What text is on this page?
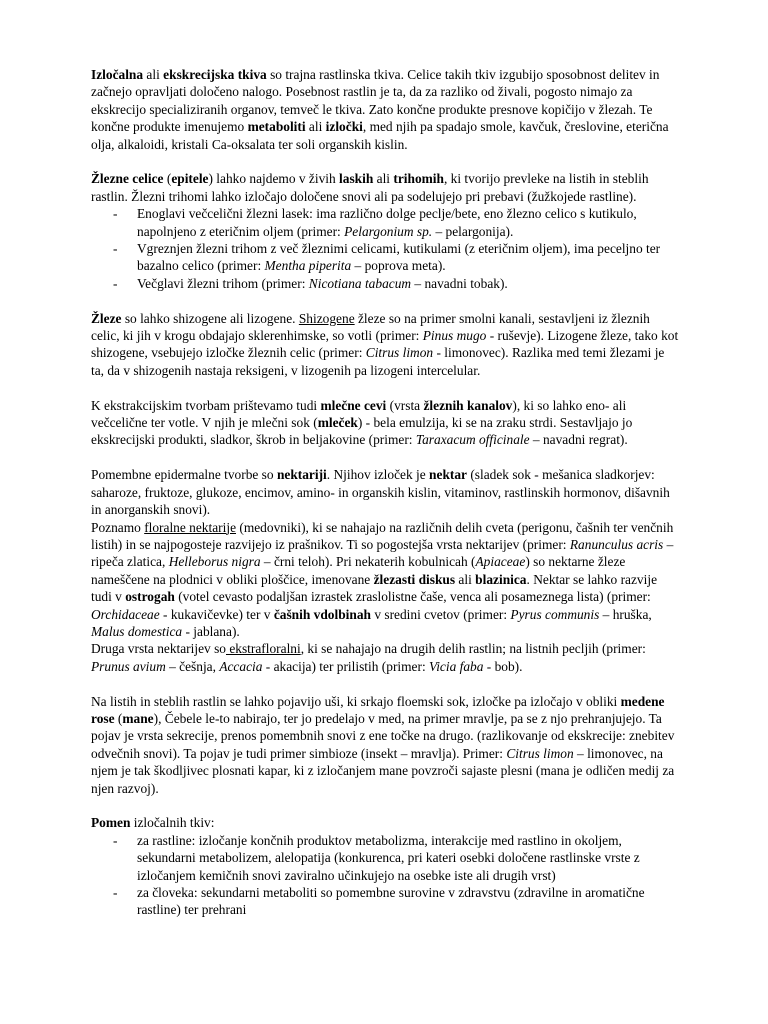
Izločalna ali ekskrecijska tkiva so trajna rastlinska tkiva. Celice takih tkiv izgubijo sposobnost delitev in začnejo opravljati določeno nalogo. Posebnost rastlin je ta, da za razliko od živali, pogosto nimajo za ekskrecijo specializiranih organov, temveč le tkiva. Zato končne produkte presnove kopičijo v žlezah. Te končne produkte imenujemo metaboliti ali izločki, med njih pa spadajo smole, kavčuk, čreslovine, eterična olja, alkaloidi, kristali Ca-oksalata ter soli organskih kislin.

Žlezne celice (epitele) lahko najdemo v živih laskih ali trihomih, ki tvorijo prevleke na listih in steblih rastlin. Žlezni trihomi lahko izločajo določene snovi ali pa sodelujejo pri prebavi (žužkojede rastline).

- Enoglavi večcelični žlezni lasek: ima različno dolge peclje/bete, eno žlezno celico s kutikulo, napolnjeno z eteričnim oljem (primer: Pelargonium sp. – pelargonija).
- Vgreznjen žlezni trihom z več žleznimi celicami, kutikulami (z eteričnim oljem), ima peceljno ter bazalno celico (primer: Mentha piperita – poprova meta).
- Večglavi žlezni trihom (primer: Nicotiana tabacum – navadni tobak).

Žleze so lahko shizogene ali lizogene. Shizogene žleze so na primer smolni kanali, sestavljeni iz žleznih celic, ki jih v krogu obdajajo sklerenhimske, so votli (primer: Pinus mugo - ruševje). Lizogene žleze, tako kot shizogene, vsebujejo izločke žleznih celic (primer: Citrus limon - limonovec). Razlika med temi žlezami je ta, da v shizogenih nastaja reksigeni, v lizogenih pa lizogeni intercelular.

K ekstrakcijskim tvorbam prištevamo tudi mlečne cevi (vrsta žleznih kanalov), ki so lahko eno- ali večcelične ter votle. V njih je mlečni sok (mleček) - bela emulzija, ki se na zraku strdi. Sestavljajo jo ekskrecijski produkti, sladkor, škrob in beljakovine (primer: Taraxacum officinale – navadni regrat).

Pomembne epidermalne tvorbe so nektariji. Njihov izloček je nektar (sladek sok - mešanica sladkorjev: saharoze, fruktoze, glukoze, encimov, amino- in organskih kislin, vitaminov, rastlinskih hormonov, dišavnih in anorganskih snovi).

Poznamo floralne nektarije (medovniki), ki se nahajajo na različnih delih cveta (perigonu, čašnih ter venčnih listih) in se najpogosteje razvijejo iz prašnikov. Ti so pogostejša vrsta nektarijev (primer: Ranunculus acris – ripeča zlatica, Helleborus nigra – črni teloh). Pri nekaterih kobulnicah (Apiaceae) so nektarne žleze nameščene na plodnici v obliki ploščice, imenovane žlezasti diskus ali blazinica. Nektar se lahko razvije tudi v ostrogah (votel cevasto podaljšan izrastek zraslolistne čaše, venca ali posameznega lista) (primer: Orchidaceae - kukavičevke) ter v čašnih vdolbinah v sredini cvetov (primer: Pyrus communis – hruška, Malus domestica - jablana).

Druga vrsta nektarijev so ekstrafloralni, ki se nahajajo na drugih delih rastlin; na listnih pecljih (primer: Prunus avium – češnja, Accacia - akacija) ter prilistih (primer: Vicia faba - bob).

Na listih in steblih rastlin se lahko pojavijo uši, ki srkajo floemski sok, izločke pa izločajo v obliki medene rose (mane), Čebele le-to nabirajo, ter jo predelajo v med, na primer mravlje, pa se z njo prehranjujejo. Ta pojav je vrsta sekrecije, prenos pomembnih snovi z ene točke na drugo. (razlikovanje od ekskrecije: znebitev odvečnih snovi). Ta pojav je tudi primer simbioze (insekt – mravlja). Primer: Citrus limon – limonovec, na njem je tak škodljivec plosnati kapar, ki z izločanjem mane povzroči sajaste plesni (mana je odličen medij za njen razvoj).

Pomen izločalnih tkiv:

- za rastline: izločanje končnih produktov metabolizma, interakcije med rastlino in okoljem, sekundarni metabolizem, alelopatija (konkurenca, pri kateri osebki določene rastlinske vrste z izločanjem kemičnih snovi zaviralno učinkujejo na osebke iste ali drugih vrst)
- za človeka: sekundarni metaboliti so pomembne surovine v zdravstvu (zdravilne in aromatične rastline) ter prehrani
